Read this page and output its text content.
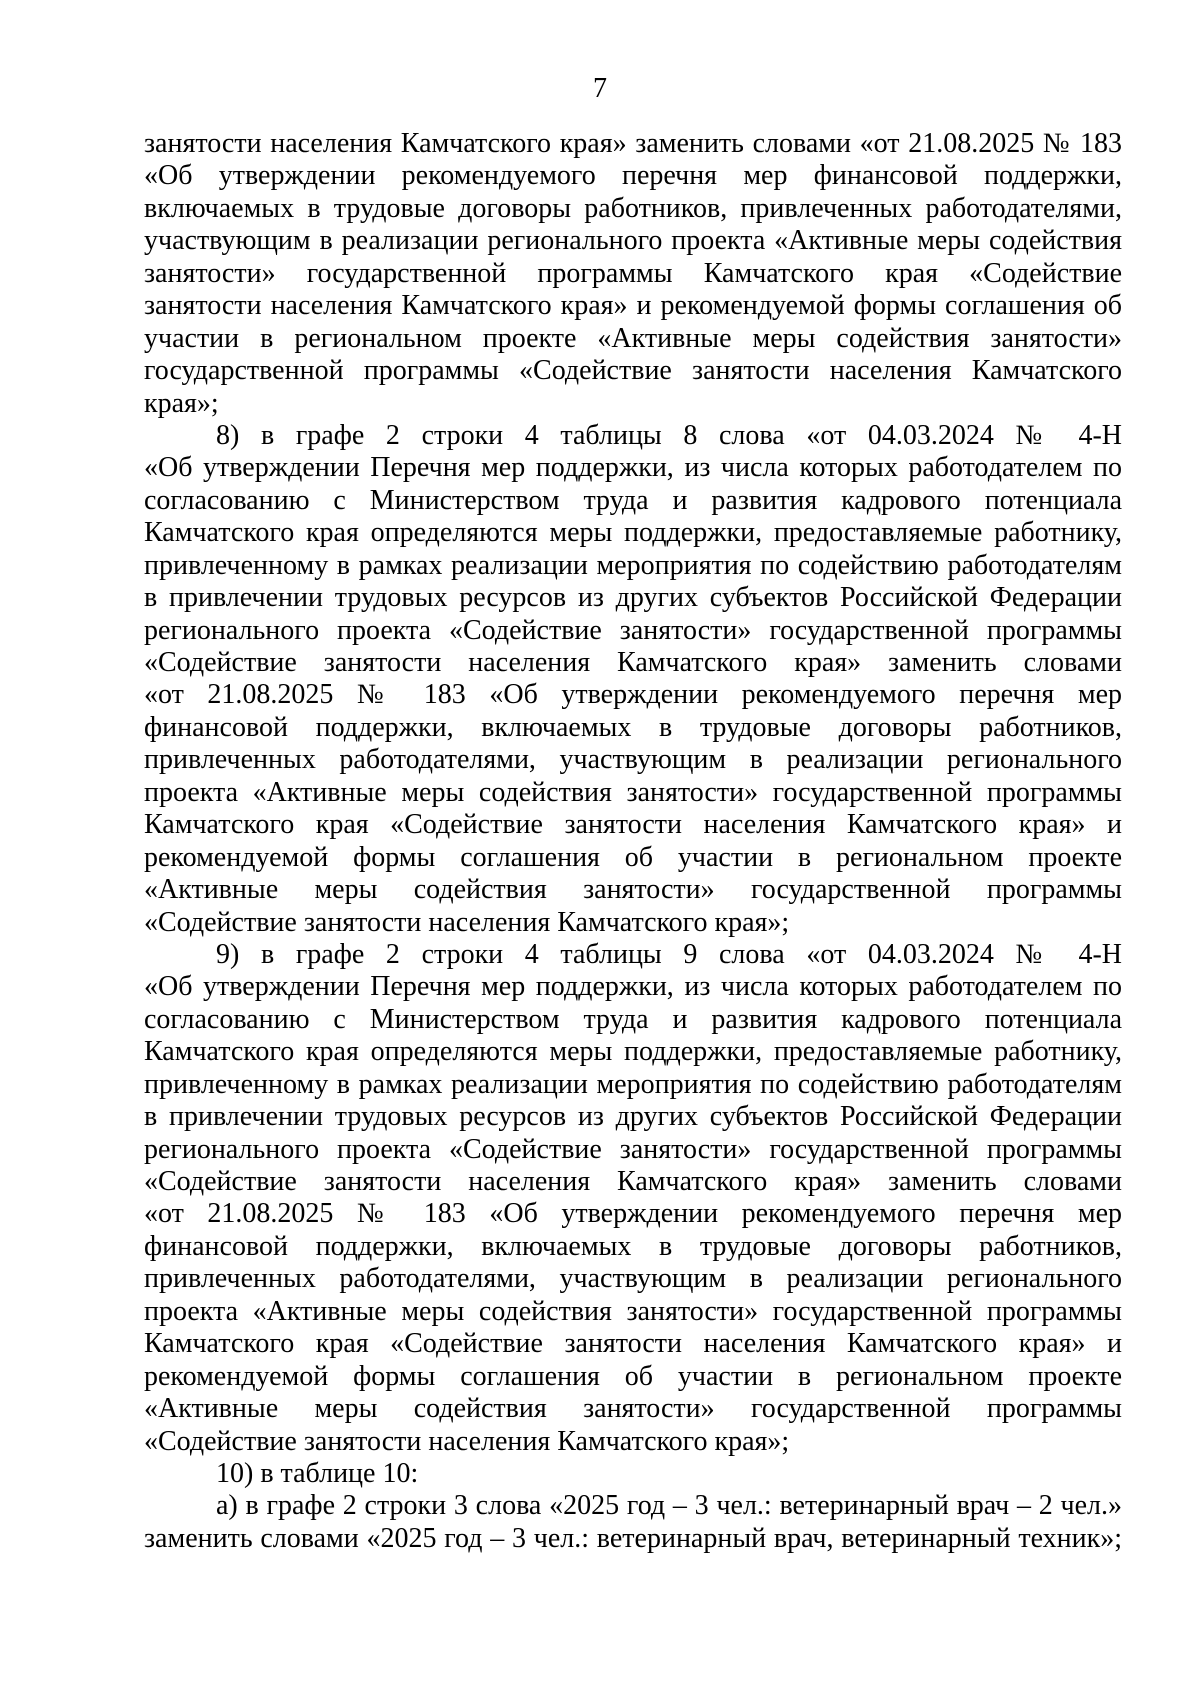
7
занятости населения Камчатского края» заменить словами «от 21.08.2025 № 183
«Об утверждении рекомендуемого перечня мер финансовой поддержки,
включаемых в трудовые договоры работников, привлеченных работодателями,
участвующим в реализации регионального проекта «Активные меры содействия
занятости» государственной программы Камчатского края «Содействие
занятости населения Камчатского края» и рекомендуемой формы соглашения об
участии в региональном проекте «Активные меры содействия занятости»
государственной программы «Содействие занятости населения Камчатского
края»;
8) в графе 2 строки 4 таблицы 8 слова «от 04.03.2024 № 4-Н
«Об утверждении Перечня мер поддержки, из числа которых работодателем по
согласованию с Министерством труда и развития кадрового потенциала
Камчатского края определяются меры поддержки, предоставляемые работнику,
привлеченному в рамках реализации мероприятия по содействию работодателям
в привлечении трудовых ресурсов из других субъектов Российской Федерации
регионального проекта «Содействие занятости» государственной программы
«Содействие занятости населения Камчатского края» заменить словами
«от 21.08.2025 № 183 «Об утверждении рекомендуемого перечня мер
финансовой поддержки, включаемых в трудовые договоры работников,
привлеченных работодателями, участвующим в реализации регионального
проекта «Активные меры содействия занятости» государственной программы
Камчатского края «Содействие занятости населения Камчатского края» и
рекомендуемой формы соглашения об участии в региональном проекте
«Активные меры содействия занятости» государственной программы
«Содействие занятости населения Камчатского края»;
9) в графе 2 строки 4 таблицы 9 слова «от 04.03.2024 № 4-Н
«Об утверждении Перечня мер поддержки, из числа которых работодателем по
согласованию с Министерством труда и развития кадрового потенциала
Камчатского края определяются меры поддержки, предоставляемые работнику,
привлеченному в рамках реализации мероприятия по содействию работодателям
в привлечении трудовых ресурсов из других субъектов Российской Федерации
регионального проекта «Содействие занятости» государственной программы
«Содействие занятости населения Камчатского края» заменить словами
«от 21.08.2025 № 183 «Об утверждении рекомендуемого перечня мер
финансовой поддержки, включаемых в трудовые договоры работников,
привлеченных работодателями, участвующим в реализации регионального
проекта «Активные меры содействия занятости» государственной программы
Камчатского края «Содействие занятости населения Камчатского края» и
рекомендуемой формы соглашения об участии в региональном проекте
«Активные меры содействия занятости» государственной программы
«Содействие занятости населения Камчатского края»;
10) в таблице 10:
а) в графе 2 строки 3 слова «2025 год – 3 чел.: ветеринарный врач – 2 чел.»
заменить словами «2025 год – 3 чел.: ветеринарный врач, ветеринарный техник»;
